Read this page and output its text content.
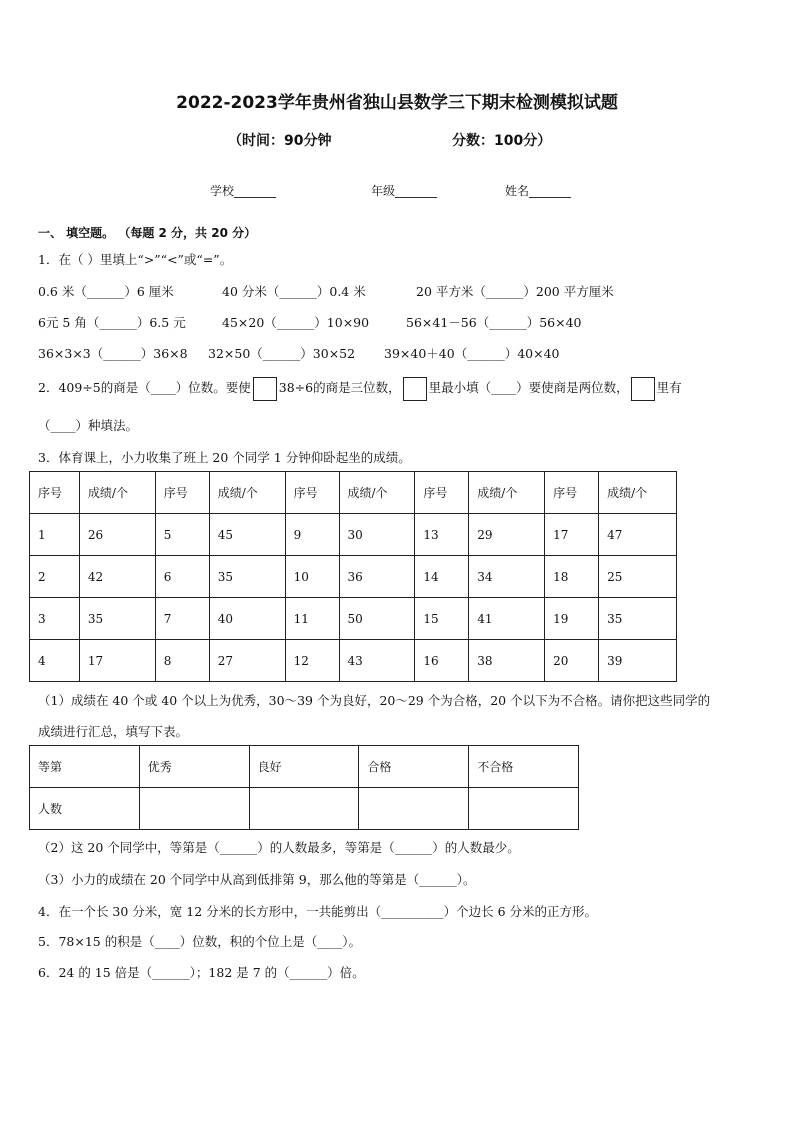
2022-2023学年贵州省独山县数学三下期末检测模拟试题
（时间：90分钟	分数：100分）
学校_______	年级_______	姓名_______
一、 填空题。 （每题 2 分，共 20 分）
1．在（ ）里填上“>”“<”或“=”。
0.6 米（______）6 厘米	40 分米（______）0.4 米	20 平方米（______）200 平方厘米
6元 5 角（______）6.5 元	45×20（______）10×90	56×41－56（______）56×40
36×3×3（______）36×8 32×50（______）30×52 39×40＋40（______）40×40
2．409÷5的商是（____）位数。要使 38÷6的商是三位数， 里最小填（____）要使商是两位数， 里有
（____）种填法。
3．体育课上，小力收集了班上 20 个同学 1 分钟仰卧起坐的成绩。
序号	成绩/个	序号	成绩/个	序号	成绩/个	序号	成绩/个	序号	成绩/个
1	26	5	45	9	30	13	29	17	47
2	42	6	35	10	36	14	34	18	25
3	35	7	40	11	50	15	41	19	35
4	17	8	27	12	43	16	38	20	39
（1）成绩在 40 个或 40 个以上为优秀，30～39 个为良好，20～29 个为合格，20 个以下为不合格。请你把这些同学的
成绩进行汇总，填写下表。
等第	优秀	良好	合格	不合格
人数				
（2）这 20 个同学中，等第是（______）的人数最多，等第是（______）的人数最少。
（3）小力的成绩在 20 个同学中从高到低排第 9，那么他的等第是（______）。
4．在一个长 30 分米，宽 12 分米的长方形中，一共能剪出（__________）个边长 6 分米的正方形。
5．78×15 的积是（____）位数，积的个位上是（____）。
6．24 的 15 倍是（______）；182 是 7 的（______）倍。
